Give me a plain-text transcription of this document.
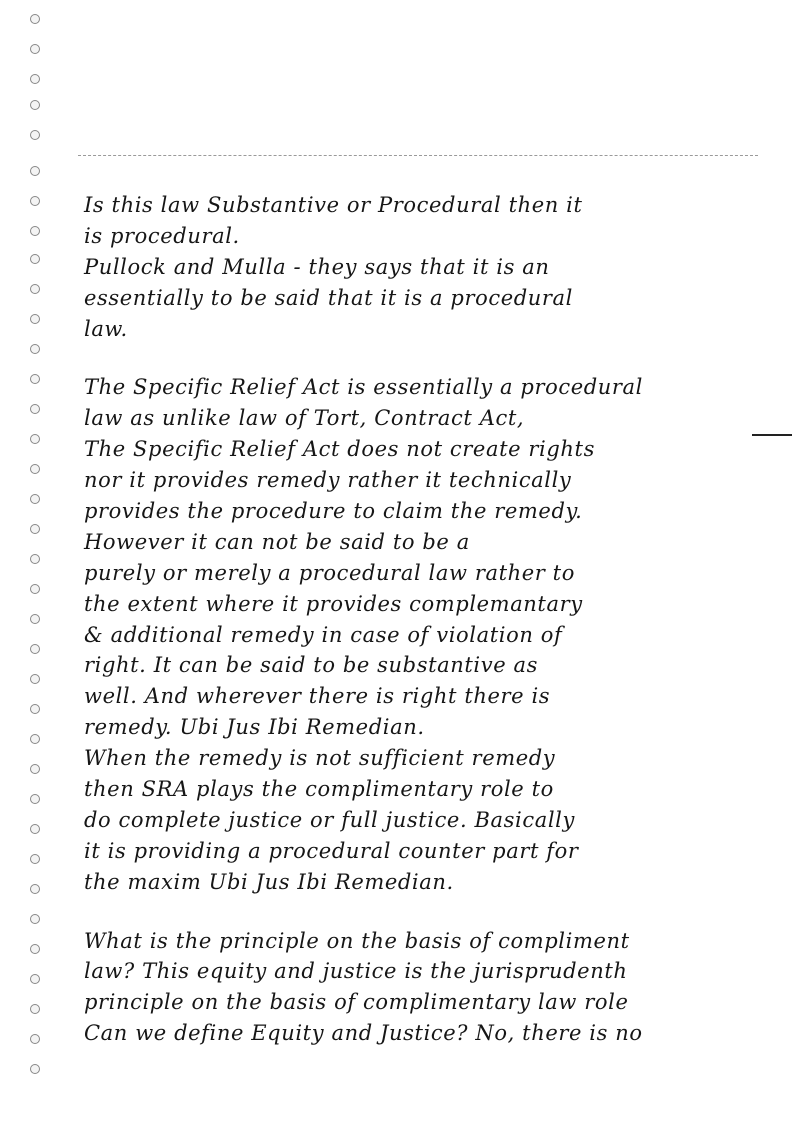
Is this law Substantive or Procedural then it
is procedural.
Pullock and Mulla - they says that it is an
essentially to be said that it is a procedural
law.
The Specific Relief Act is essentially a procedural
law as unlike law of Tort, Contract Act,
The Specific Relief Act does not create rights
nor it provides remedy rather it technically
provides the procedure to claim the remedy.
However it can not be said to be a
purely or merely a procedural law rather to
the extent where it provides complemantary
& additional remedy in case of violation of
right. It can be said to be substantive as
well. And wherever there is right there is
remedy. Ubi Jus Ibi Remedian.
When the remedy is not sufficient remedy
then SRA plays the complimentary role to
do complete justice or full justice. Basically
it is providing a procedural counter part for
the maxim Ubi Jus Ibi Remedian.
What is the principle on the basis of compliment
law? This equity and justice is the jurisprudenth
principle on the basis of complimentary law role
Can we define Equity and Justice? No, there is no
